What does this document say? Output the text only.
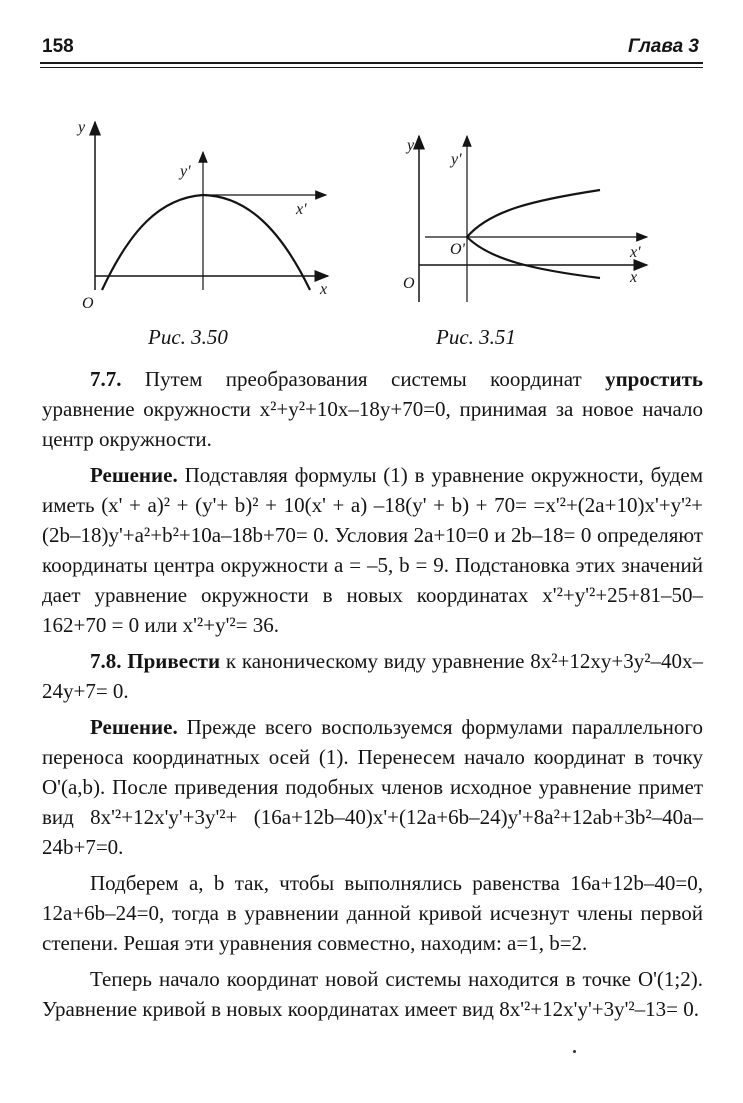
158	Глава 3
y
O
x
y'
x'
Рис. 3.50
y
y'
O'
O
x'
x
Рис. 3.51

7.7. Путем преобразования системы координат упростить уравнение окружности x²+y²+10x–18y+70=0, принимая за новое начало центр окружности.

Решение. Подставляя формулы (1) в уравнение окружности, будем иметь (x' + a)² + (y'+ b)² + 10(x' + a) –18(y' + b) + 70= =x'²+(2a+10)x'+y'²+(2b–18)y'+a²+b²+10a–18b+70= 0. Условия 2a+10=0 и 2b–18= 0 определяют координаты центра окружности a = –5, b = 9. Подстановка этих значений дает уравнение окружности в новых координатах x'²+y'²+25+81–50–162+70 = 0 или x'²+y'²= 36.

7.8. Привести к каноническому виду уравнение 8x²+12xy+3y²–40x–24y+7= 0.

Решение. Прежде всего воспользуемся формулами параллельного переноса координатных осей (1). Перенесем начало координат в точку O'(a,b). После приведения подобных членов исходное уравнение примет вид 8x'²+12x'y'+3y'²+ (16a+12b–40)x'+(12a+6b–24)y'+8a²+12ab+3b²–40a–24b+7=0.

Подберем a, b так, чтобы выполнялись равенства 16a+12b–40=0, 12a+6b–24=0, тогда в уравнении данной кривой исчезнут члены первой степени. Решая эти уравнения совместно, находим: a=1, b=2.

Теперь начало координат новой системы находится в точке O'(1;2). Уравнение кривой в новых координатах имеет вид 8x'²+12x'y'+3y'²–13= 0.
